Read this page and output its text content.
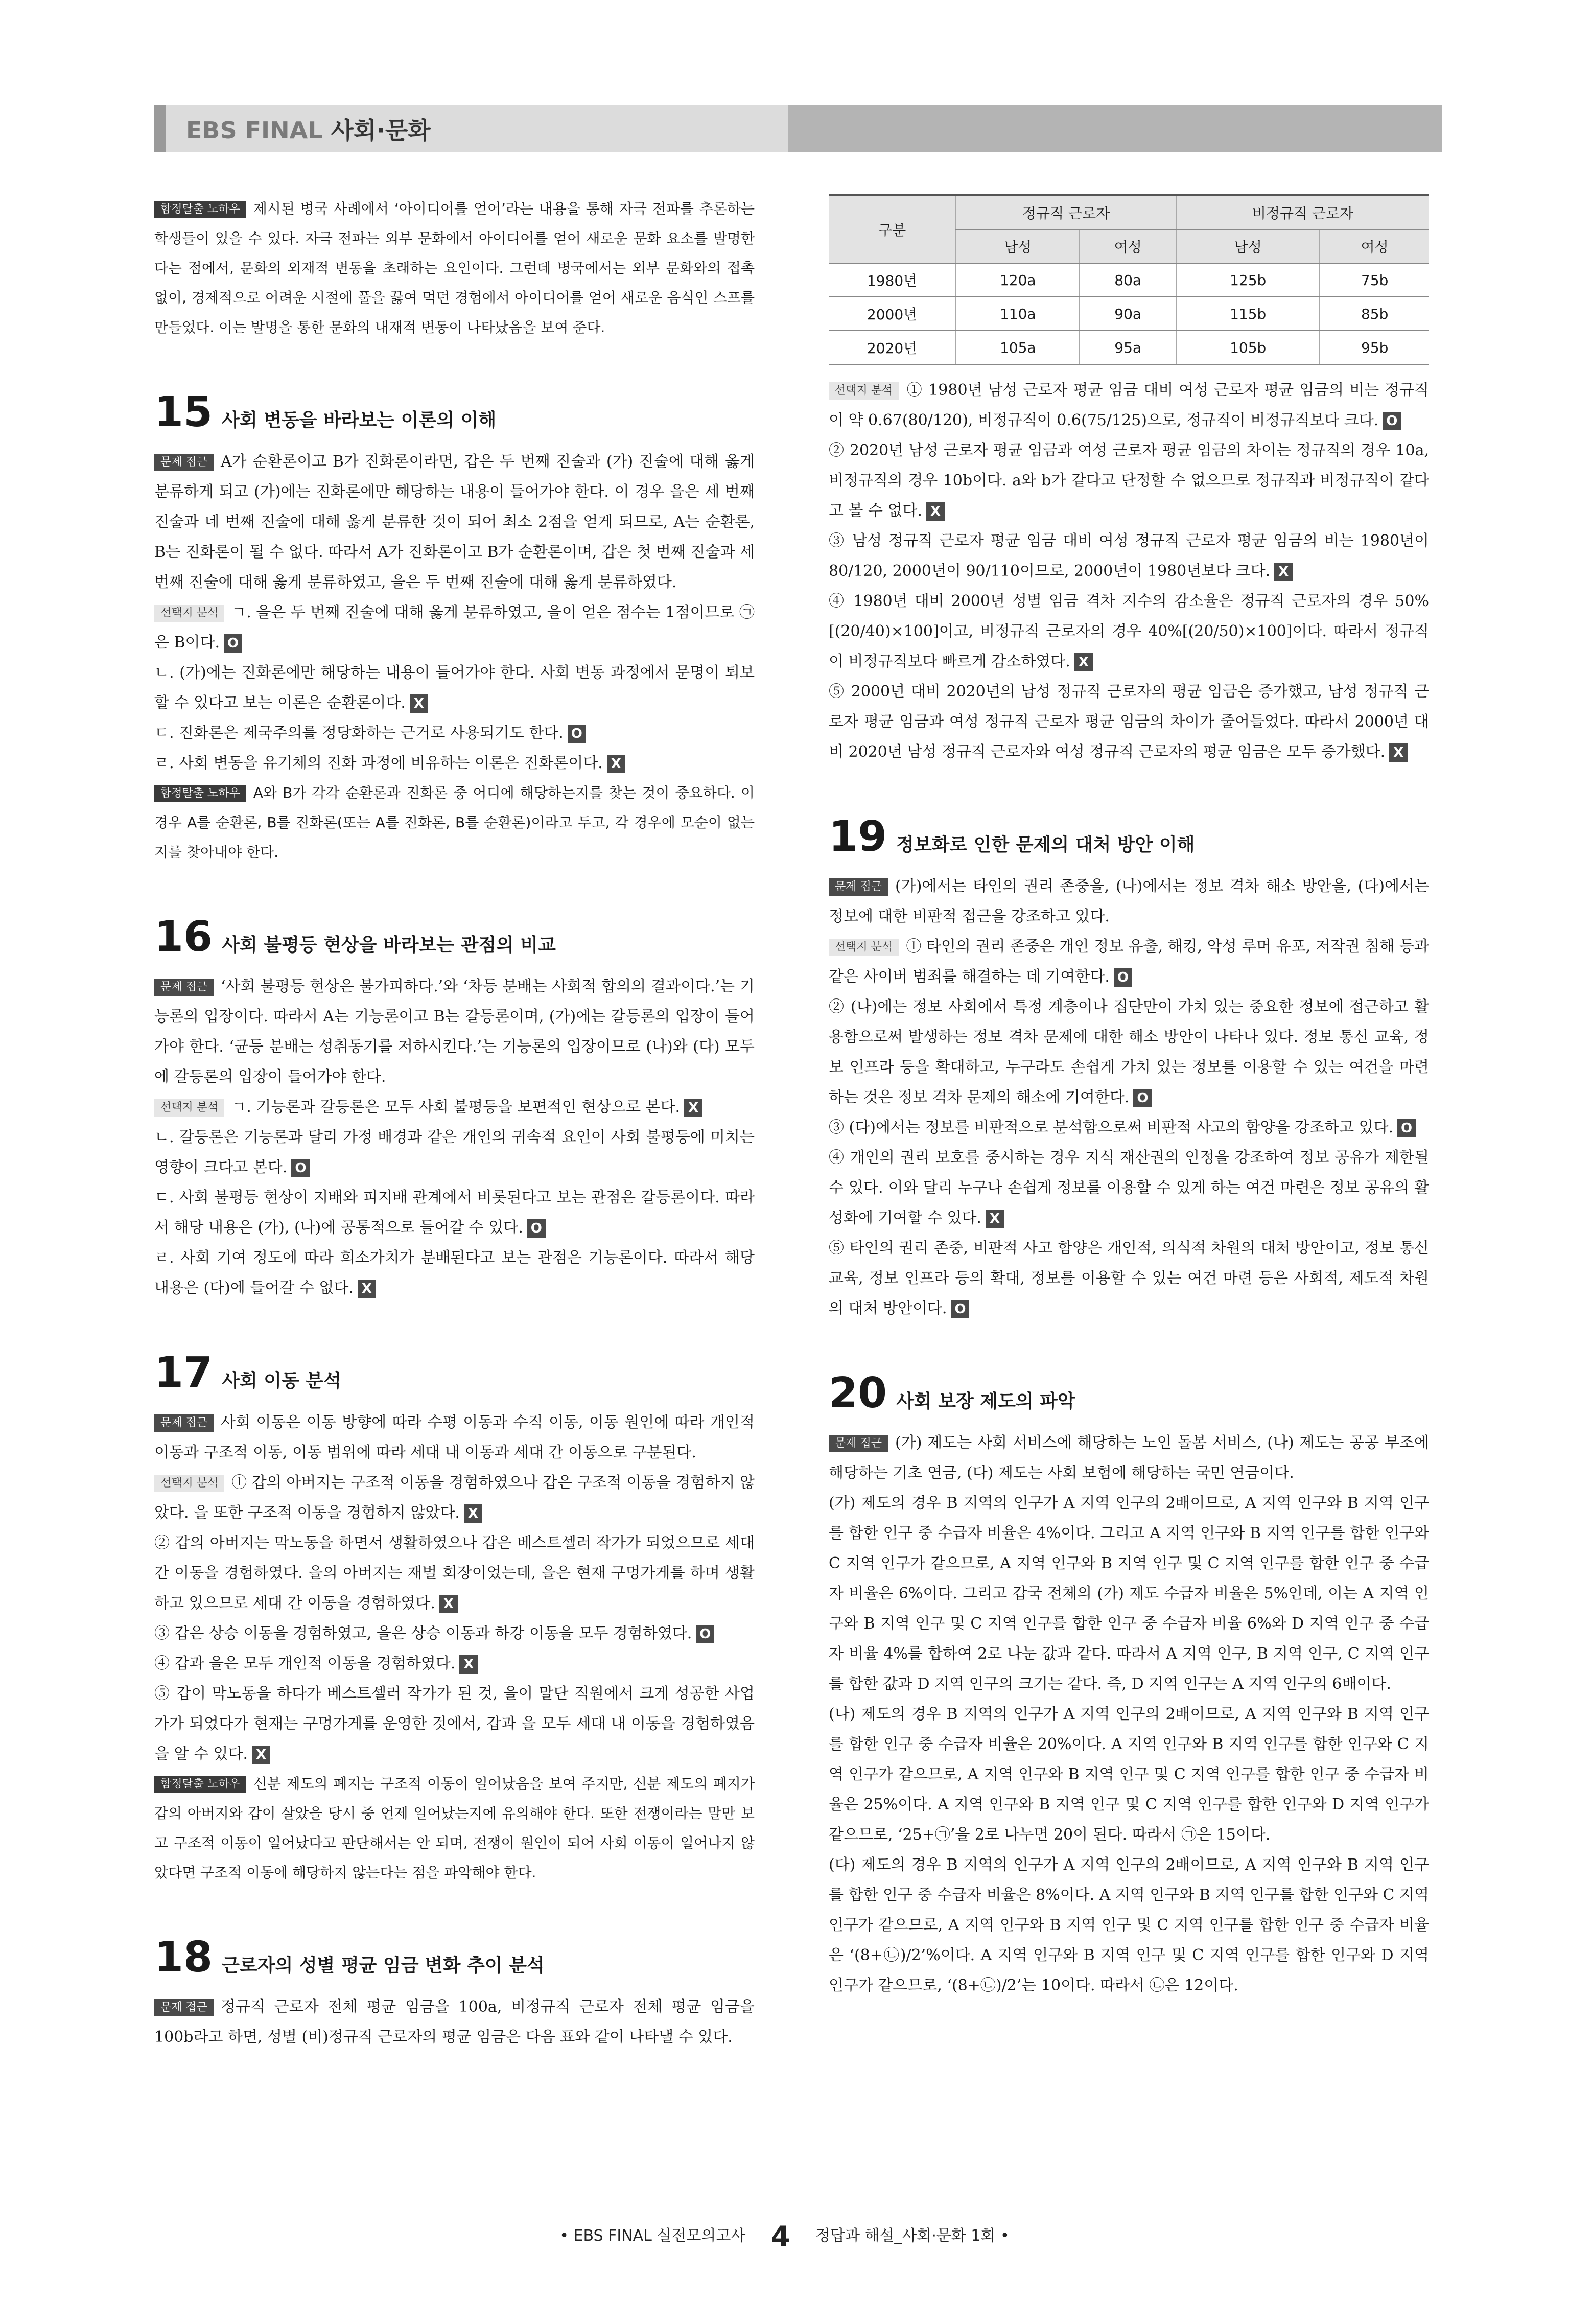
EBS FINAL 사회·문화

함정탈출 노하우 제시된 병국 사례에서 ‘아이디어를 얻어’라는 내용을 통해 자극 전파를 추론하는 학생들이 있을 수 있다. 자극 전파는 외부 문화에서 아이디어를 얻어 새로운 문화 요소를 발명한다는 점에서, 문화의 외재적 변동을 초래하는 요인이다. 그런데 병국에서는 외부 문화와의 접촉 없이, 경제적으로 어려운 시절에 풀을 끓여 먹던 경험에서 아이디어를 얻어 새로운 음식인 스프를 만들었다. 이는 발명을 통한 문화의 내재적 변동이 나타났음을 보여 준다.

15 사회 변동을 바라보는 이론의 이해

문제 접근 A가 순환론이고 B가 진화론이라면, 갑은 두 번째 진술과 (가) 진술에 대해 옳게 분류하게 되고 (가)에는 진화론에만 해당하는 내용이 들어가야 한다. 이 경우 을은 세 번째 진술과 네 번째 진술에 대해 옳게 분류한 것이 되어 최소 2점을 얻게 되므로, A는 순환론, B는 진화론이 될 수 없다. 따라서 A가 진화론이고 B가 순환론이며, 갑은 첫 번째 진술과 세 번째 진술에 대해 옳게 분류하였고, 을은 두 번째 진술에 대해 옳게 분류하였다.

선택지 분석 ㄱ. 을은 두 번째 진술에 대해 옳게 분류하였고, 을이 얻은 점수는 1점이므로 ㉠은 B이다. O

ㄴ. (가)에는 진화론에만 해당하는 내용이 들어가야 한다. 사회 변동 과정에서 문명이 퇴보할 수 있다고 보는 이론은 순환론이다. X

ㄷ. 진화론은 제국주의를 정당화하는 근거로 사용되기도 한다. O

ㄹ. 사회 변동을 유기체의 진화 과정에 비유하는 이론은 진화론이다. X

함정탈출 노하우 A와 B가 각각 순환론과 진화론 중 어디에 해당하는지를 찾는 것이 중요하다. 이 경우 A를 순환론, B를 진화론(또는 A를 진화론, B를 순환론)이라고 두고, 각 경우에 모순이 없는지를 찾아내야 한다.

16 사회 불평등 현상을 바라보는 관점의 비교

문제 접근 ‘사회 불평등 현상은 불가피하다.’와 ‘차등 분배는 사회적 합의의 결과이다.’는 기능론의 입장이다. 따라서 A는 기능론이고 B는 갈등론이며, (가)에는 갈등론의 입장이 들어가야 한다. ‘균등 분배는 성취동기를 저하시킨다.’는 기능론의 입장이므로 (나)와 (다) 모두에 갈등론의 입장이 들어가야 한다.

선택지 분석 ㄱ. 기능론과 갈등론은 모두 사회 불평등을 보편적인 현상으로 본다. X

ㄴ. 갈등론은 기능론과 달리 가정 배경과 같은 개인의 귀속적 요인이 사회 불평등에 미치는 영향이 크다고 본다. O

ㄷ. 사회 불평등 현상이 지배와 피지배 관계에서 비롯된다고 보는 관점은 갈등론이다. 따라서 해당 내용은 (가), (나)에 공통적으로 들어갈 수 있다. O

ㄹ. 사회 기여 정도에 따라 희소가치가 분배된다고 보는 관점은 기능론이다. 따라서 해당 내용은 (다)에 들어갈 수 없다. X

17 사회 이동 분석

문제 접근 사회 이동은 이동 방향에 따라 수평 이동과 수직 이동, 이동 원인에 따라 개인적 이동과 구조적 이동, 이동 범위에 따라 세대 내 이동과 세대 간 이동으로 구분된다.

선택지 분석 ① 갑의 아버지는 구조적 이동을 경험하였으나 갑은 구조적 이동을 경험하지 않았다. 을 또한 구조적 이동을 경험하지 않았다. X

② 갑의 아버지는 막노동을 하면서 생활하였으나 갑은 베스트셀러 작가가 되었으므로 세대 간 이동을 경험하였다. 을의 아버지는 재벌 회장이었는데, 을은 현재 구멍가게를 하며 생활하고 있으므로 세대 간 이동을 경험하였다. X

③ 갑은 상승 이동을 경험하였고, 을은 상승 이동과 하강 이동을 모두 경험하였다. O

④ 갑과 을은 모두 개인적 이동을 경험하였다. X

⑤ 갑이 막노동을 하다가 베스트셀러 작가가 된 것, 을이 말단 직원에서 크게 성공한 사업가가 되었다가 현재는 구멍가게를 운영한 것에서, 갑과 을 모두 세대 내 이동을 경험하였음을 알 수 있다. X

함정탈출 노하우 신분 제도의 폐지는 구조적 이동이 일어났음을 보여 주지만, 신분 제도의 폐지가 갑의 아버지와 갑이 살았을 당시 중 언제 일어났는지에 유의해야 한다. 또한 전쟁이라는 말만 보고 구조적 이동이 일어났다고 판단해서는 안 되며, 전쟁이 원인이 되어 사회 이동이 일어나지 않았다면 구조적 이동에 해당하지 않는다는 점을 파악해야 한다.

18 근로자의 성별 평균 임금 변화 추이 분석

문제 접근 정규직 근로자 전체 평균 임금을 100a, 비정규직 근로자 전체 평균 임금을 100b라고 하면, 성별 (비)정규직 근로자의 평균 임금은 다음 표와 같이 나타낼 수 있다.

구분	정규직 근로자		비정규직 근로자	
	남성	여성	남성	여성
1980년	120a	80a	125b	75b
2000년	110a	90a	115b	85b
2020년	105a	95a	105b	95b

선택지 분석 ① 1980년 남성 근로자 평균 임금 대비 여성 근로자 평균 임금의 비는 정규직이 약 0.67(80/120), 비정규직이 0.6(75/125)으로, 정규직이 비정규직보다 크다. O

② 2020년 남성 근로자 평균 임금과 여성 근로자 평균 임금의 차이는 정규직의 경우 10a, 비정규직의 경우 10b이다. a와 b가 같다고 단정할 수 없으므로 정규직과 비정규직이 같다고 볼 수 없다. X

③ 남성 정규직 근로자 평균 임금 대비 여성 정규직 근로자 평균 임금의 비는 1980년이 80/120, 2000년이 90/110이므로, 2000년이 1980년보다 크다. X

④ 1980년 대비 2000년 성별 임금 격차 지수의 감소율은 정규직 근로자의 경우 50%[(20/40)×100]이고, 비정규직 근로자의 경우 40%[(20/50)×100]이다. 따라서 정규직이 비정규직보다 빠르게 감소하였다. X

⑤ 2000년 대비 2020년의 남성 정규직 근로자의 평균 임금은 증가했고, 남성 정규직 근로자 평균 임금과 여성 정규직 근로자 평균 임금의 차이가 줄어들었다. 따라서 2000년 대비 2020년 남성 정규직 근로자와 여성 정규직 근로자의 평균 임금은 모두 증가했다. X

19 정보화로 인한 문제의 대처 방안 이해

문제 접근 (가)에서는 타인의 권리 존중을, (나)에서는 정보 격차 해소 방안을, (다)에서는 정보에 대한 비판적 접근을 강조하고 있다.

선택지 분석 ① 타인의 권리 존중은 개인 정보 유출, 해킹, 악성 루머 유포, 저작권 침해 등과 같은 사이버 범죄를 해결하는 데 기여한다. O

② (나)에는 정보 사회에서 특정 계층이나 집단만이 가치 있는 중요한 정보에 접근하고 활용함으로써 발생하는 정보 격차 문제에 대한 해소 방안이 나타나 있다. 정보 통신 교육, 정보 인프라 등을 확대하고, 누구라도 손쉽게 가치 있는 정보를 이용할 수 있는 여건을 마련하는 것은 정보 격차 문제의 해소에 기여한다. O

③ (다)에서는 정보를 비판적으로 분석함으로써 비판적 사고의 함양을 강조하고 있다. O

④ 개인의 권리 보호를 중시하는 경우 지식 재산권의 인정을 강조하여 정보 공유가 제한될 수 있다. 이와 달리 누구나 손쉽게 정보를 이용할 수 있게 하는 여건 마련은 정보 공유의 활성화에 기여할 수 있다. X

⑤ 타인의 권리 존중, 비판적 사고 함양은 개인적, 의식적 차원의 대처 방안이고, 정보 통신 교육, 정보 인프라 등의 확대, 정보를 이용할 수 있는 여건 마련 등은 사회적, 제도적 차원의 대처 방안이다. O

20 사회 보장 제도의 파악

문제 접근 (가) 제도는 사회 서비스에 해당하는 노인 돌봄 서비스, (나) 제도는 공공 부조에 해당하는 기초 연금, (다) 제도는 사회 보험에 해당하는 국민 연금이다.

(가) 제도의 경우 B 지역의 인구가 A 지역 인구의 2배이므로, A 지역 인구와 B 지역 인구를 합한 인구 중 수급자 비율은 4%이다. 그리고 A 지역 인구와 B 지역 인구를 합한 인구와 C 지역 인구가 같으므로, A 지역 인구와 B 지역 인구 및 C 지역 인구를 합한 인구 중 수급자 비율은 6%이다. 그리고 갑국 전체의 (가) 제도 수급자 비율은 5%인데, 이는 A 지역 인구와 B 지역 인구 및 C 지역 인구를 합한 인구 중 수급자 비율 6%와 D 지역 인구 중 수급자 비율 4%를 합하여 2로 나눈 값과 같다. 따라서 A 지역 인구, B 지역 인구, C 지역 인구를 합한 값과 D 지역 인구의 크기는 같다. 즉, D 지역 인구는 A 지역 인구의 6배이다.

(나) 제도의 경우 B 지역의 인구가 A 지역 인구의 2배이므로, A 지역 인구와 B 지역 인구를 합한 인구 중 수급자 비율은 20%이다. A 지역 인구와 B 지역 인구를 합한 인구와 C 지역 인구가 같으므로, A 지역 인구와 B 지역 인구 및 C 지역 인구를 합한 인구 중 수급자 비율은 25%이다. A 지역 인구와 B 지역 인구 및 C 지역 인구를 합한 인구와 D 지역 인구가 같으므로, ‘25+㉠’을 2로 나누면 20이 된다. 따라서 ㉠은 15이다.

(다) 제도의 경우 B 지역의 인구가 A 지역 인구의 2배이므로, A 지역 인구와 B 지역 인구를 합한 인구 중 수급자 비율은 8%이다. A 지역 인구와 B 지역 인구를 합한 인구와 C 지역 인구가 같으므로, A 지역 인구와 B 지역 인구 및 C 지역 인구를 합한 인구 중 수급자 비율은 ‘(8+㉡)/2’%이다. A 지역 인구와 B 지역 인구 및 C 지역 인구를 합한 인구와 D 지역 인구가 같으므로, ‘(8+㉡)/2’는 10이다. 따라서 ㉡은 12이다.

• EBS FINAL 실전모의고사 4 정답과 해설_사회·문화 1회 •
